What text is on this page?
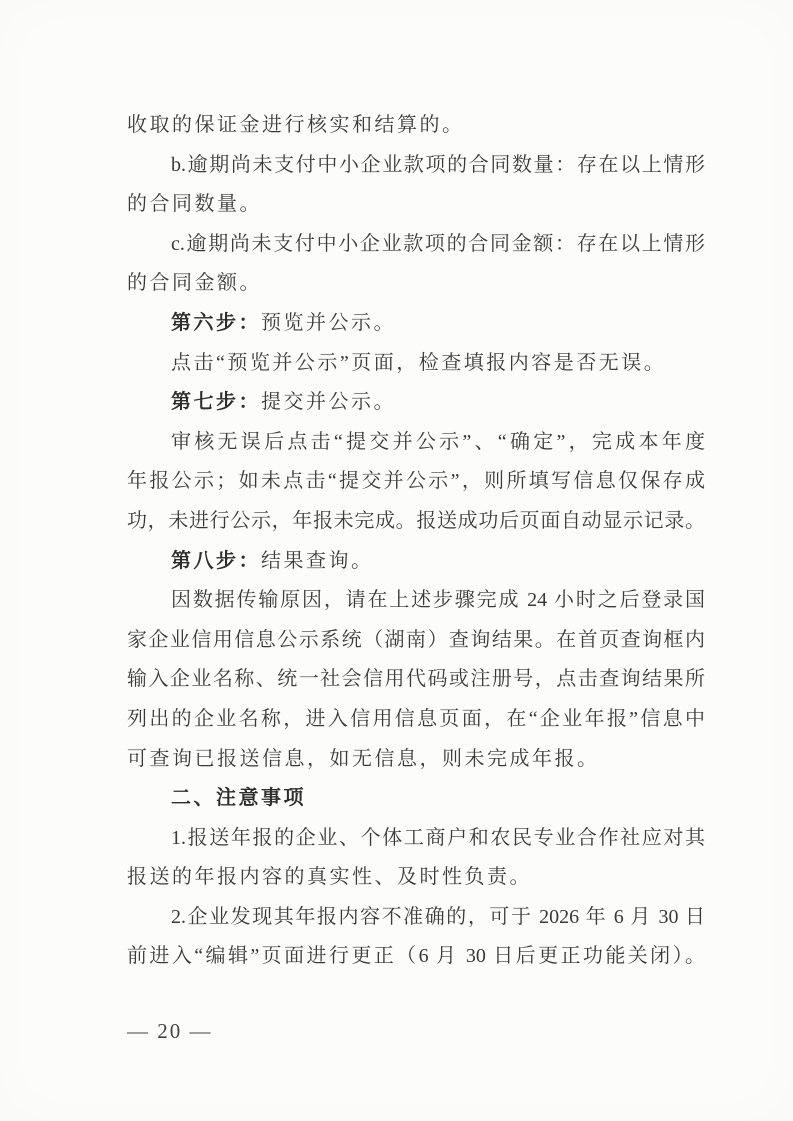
收取的保证金进行核实和结算的。

b.逾期尚未支付中小企业款项的合同数量：存在以上情形

的合同数量。

c.逾期尚未支付中小企业款项的合同金额：存在以上情形

的合同金额。

第六步：预览并公示。

点击“预览并公示”页面，检查填报内容是否无误。

第七步：提交并公示。

审核无误后点击“提交并公示”、“确定”，完成本年度

年报公示；如未点击“提交并公示”，则所填写信息仅保存成

功，未进行公示，年报未完成。报送成功后页面自动显示记录。

第八步：结果查询。

因数据传输原因，请在上述步骤完成 24 小时之后登录国

家企业信用信息公示系统（湖南）查询结果。在首页查询框内

输入企业名称、统一社会信用代码或注册号，点击查询结果所

列出的企业名称，进入信用信息页面，在“企业年报”信息中

可查询已报送信息，如无信息，则未完成年报。

二、注意事项

1.报送年报的企业、个体工商户和农民专业合作社应对其

报送的年报内容的真实性、及时性负责。

2.企业发现其年报内容不准确的，可于 2026 年 6 月 30 日

前进入“编辑”页面进行更正（6 月 30 日后更正功能关闭）。

— 20 —
